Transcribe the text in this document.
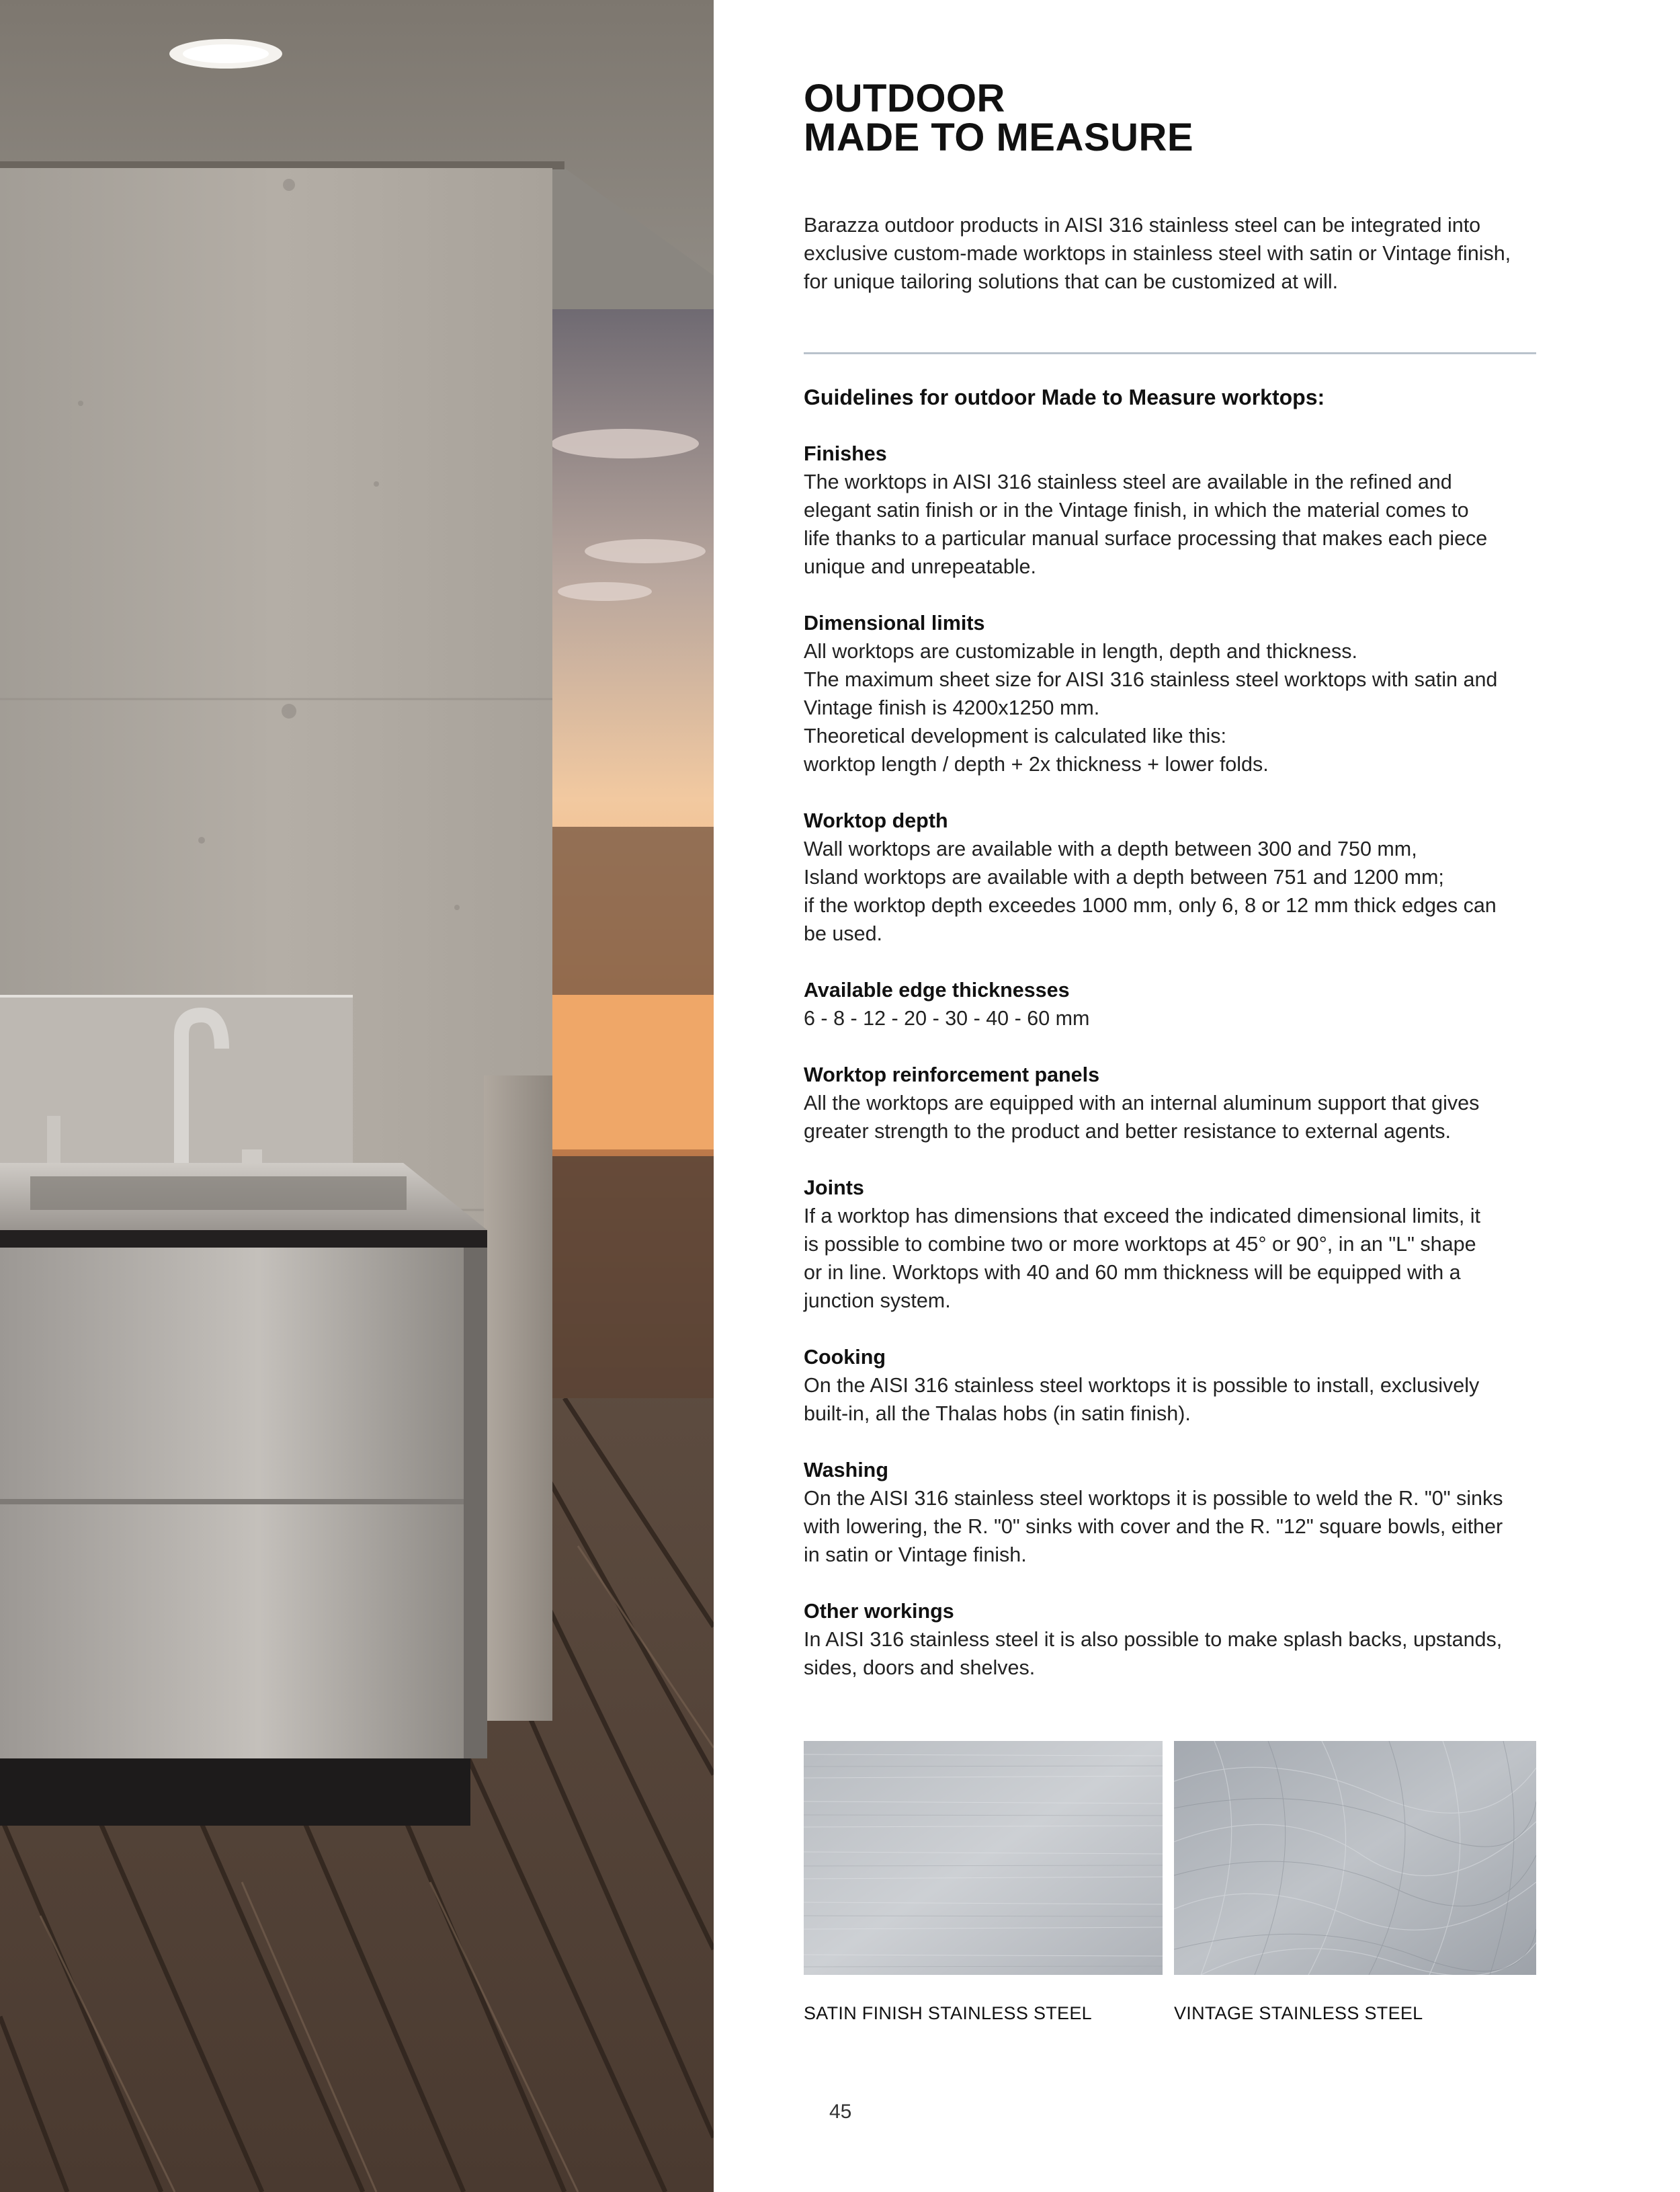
OUTDOOR
MADE TO MEASURE

Barazza outdoor products in AISI 316 stainless steel can be integrated into exclusive custom-made worktops in stainless steel with satin or Vintage finish, for unique tailoring solutions that can be customized at will.

Guidelines for outdoor Made to Measure worktops:
Finishes

The worktops in AISI 316 stainless steel are available in the refined and

elegant satin finish or in the Vintage finish, in which the material comes to

life thanks to a particular manual surface processing that makes each piece

unique and unrepeatable.

Dimensional limits

All worktops are customizable in length, depth and thickness.

The maximum sheet size for AISI 316 stainless steel worktops with satin and

Vintage finish is 4200x1250 mm.

Theoretical development is calculated like this:

worktop length / depth + 2x thickness + lower folds.

Worktop depth

Wall worktops are available with a depth between 300 and 750 mm,

Island worktops are available with a depth between 751 and 1200 mm;

if the worktop depth exceedes 1000 mm, only 6, 8 or 12 mm thick edges can

be used.

Available edge thicknesses

6 - 8 - 12 - 20 - 30 - 40 - 60 mm

Worktop reinforcement panels

All the worktops are equipped with an internal aluminum support that gives

greater strength to the product and better resistance to external agents.

Joints

If a worktop has dimensions that exceed the indicated dimensional limits, it

is possible to combine two or more worktops at 45° or 90°, in an "L" shape

or in line. Worktops with 40 and 60 mm thickness will be equipped with a

junction system.

Cooking

On the AISI 316 stainless steel worktops it is possible to install, exclusively

built-in, all the Thalas hobs (in satin finish).

Washing

On the AISI 316 stainless steel worktops it is possible to weld the R. "0" sinks

with lowering, the R. "0" sinks with cover and the R. "12" square bowls, either

in satin or Vintage finish.

Other workings

In AISI 316 stainless steel it is also possible to make splash backs, upstands,

sides, doors and shelves.

SATIN FINISH STAINLESS STEEL	VINTAGE STAINLESS STEEL

45
